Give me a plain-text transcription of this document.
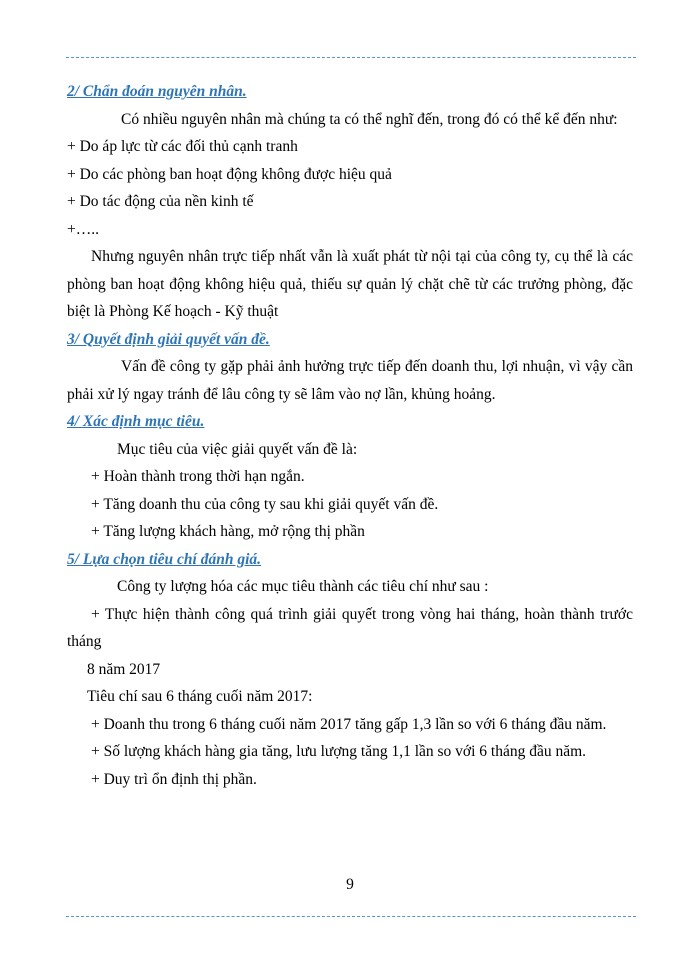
2/ Chẩn đoán nguyên nhân.

Có nhiều nguyên nhân mà chúng ta có thể nghĩ đến, trong đó có thể kể đến như:

+ Do áp lực từ các đối thủ cạnh tranh

+ Do các phòng ban hoạt động không được hiệu quả

+ Do tác động của nền kinh tế

+…..

Nhưng nguyên nhân trực tiếp nhất vẫn là xuất phát từ nội tại của công ty, cụ thể là các phòng ban hoạt động không hiệu quả, thiếu sự quản lý chặt chẽ từ các trưởng phòng, đặc biệt là Phòng Kế hoạch - Kỹ thuật

3/ Quyết định giải quyết vấn đề.

Vấn đề công ty gặp phải ảnh hưởng trực tiếp đến doanh thu, lợi nhuận, vì vậy cần phải xử lý ngay tránh để lâu công ty sẽ lâm vào nợ lần, khủng hoảng.

4/ Xác định mục tiêu.

Mục tiêu của việc giải quyết vấn đề là:

+ Hoàn thành trong thời hạn ngắn.

+ Tăng doanh thu của công ty sau khi giải quyết vấn đề.

+ Tăng lượng khách hàng, mở rộng thị phần

5/ Lựa chọn tiêu chí đánh giá.

Công ty lượng hóa các mục tiêu thành các tiêu chí như sau :

+ Thực hiện thành công quá trình giải quyết trong vòng hai tháng, hoàn thành trước tháng

8 năm 2017

Tiêu chí sau 6 tháng cuối năm 2017:

+ Doanh thu trong 6 tháng cuối năm 2017 tăng gấp 1,3 lần so với 6 tháng đầu năm.

+ Số lượng khách hàng gia tăng, lưu lượng tăng 1,1 lần so với 6 tháng đầu năm.

+ Duy trì ổn định thị phần.

9
